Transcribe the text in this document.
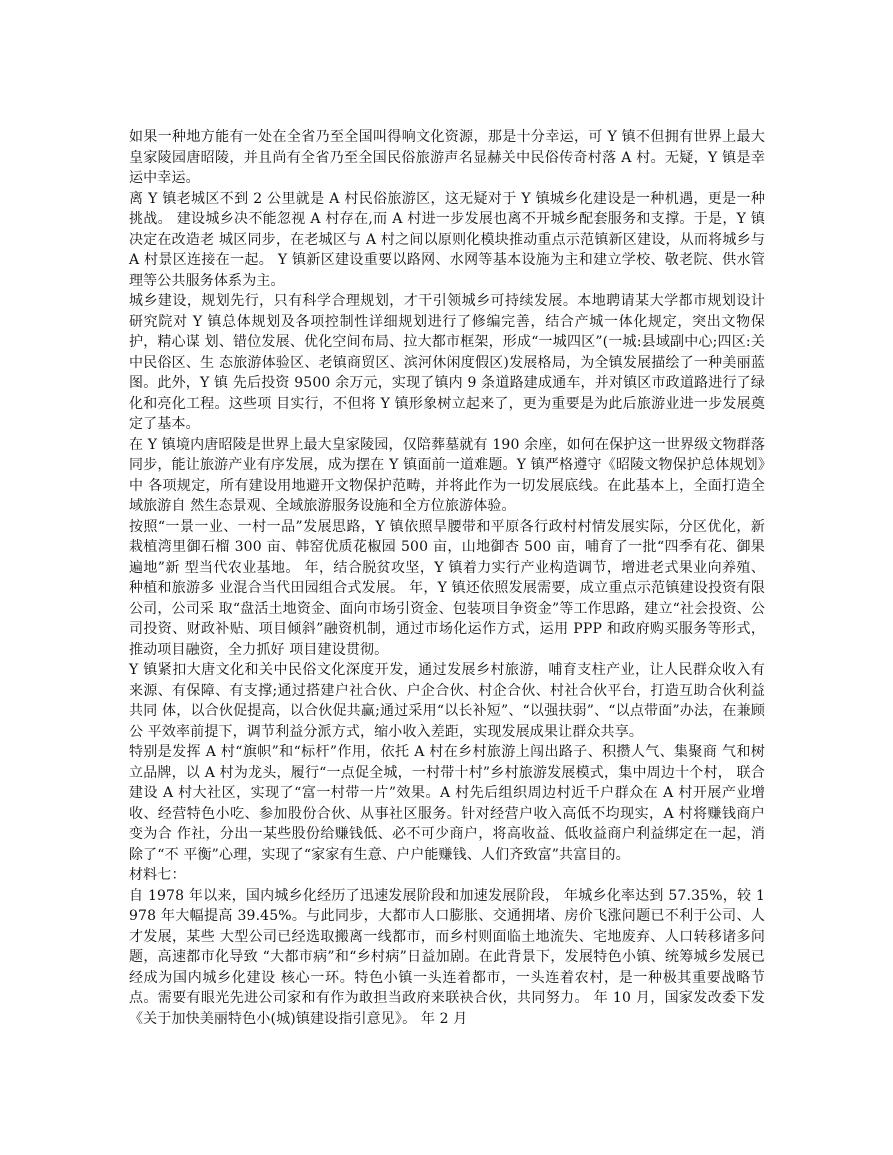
如果一种地方能有一处在全省乃至全国叫得响文化资源，那是十分幸运，可 Y 镇不但拥有世界上最大 皇家陵园唐昭陵，并且尚有全省乃至全国民俗旅游声名显赫关中民俗传奇村落 A 村。无疑，Y 镇是幸运中幸运。

离 Y 镇老城区不到 2 公里就是 A 村民俗旅游区，这无疑对于 Y 镇城乡化建设是一种机遇，更是一种挑战。 建设城乡决不能忽视 A 村存在,而 A 村进一步发展也离不开城乡配套服务和支撑。于是，Y 镇决定在改造老 城区同步，在老城区与 A 村之间以原则化模块推动重点示范镇新区建设，从而将城乡与 A 村景区连接在一起。 Y 镇新区建设重要以路网、水网等基本设施为主和建立学校、敬老院、供水管理等公共服务体系为主。

城乡建设，规划先行，只有科学合理规划，才干引领城乡可持续发展。本地聘请某大学都市规划设计 研究院对 Y 镇总体规划及各项控制性详细规划进行了修编完善，结合产城一体化规定，突出文物保护，精心谋 划、错位发展、优化空间布局、拉大都市框架，形成“一城四区”(一城:县域副中心;四区:关中民俗区、生 态旅游体验区、老镇商贸区、滨河休闲度假区)发展格局，为全镇发展描绘了一种美丽蓝图。此外，Y 镇 先后投资 9500 余万元，实现了镇内 9 条道路建成通车，并对镇区市政道路进行了绿化和亮化工程。这些项 目实行，不但将 Y 镇形象树立起来了，更为重要是为此后旅游业进一步发展奠定了基本。

在 Y 镇境内唐昭陵是世界上最大皇家陵园，仅陪葬墓就有 190 余座，如何在保护这一世界级文物群落 同步，能让旅游产业有序发展，成为摆在 Y 镇面前一道难题。Y 镇严格遵守《昭陵文物保护总体规划》中 各项规定，所有建设用地避开文物保护范畴，并将此作为一切发展底线。在此基本上，全面打造全域旅游自 然生态景观、全域旅游服务设施和全方位旅游体验。

按照“一景一业、一村一品”发展思路，Y 镇依照旱腰带和平原各行政村村情发展实际，分区优化，新 栽植湾里御石榴 300 亩、韩窑优质花椒园 500 亩，山地御杏 500 亩，哺育了一批“四季有花、御果遍地”新 型当代农业基地。 年，结合脱贫攻坚，Y 镇着力实行产业构造调节，增进老式果业向养殖、种植和旅游多 业混合当代田园组合式发展。 年，Y 镇还依照发展需要，成立重点示范镇建设投资有限公司，公司采 取“盘活土地资金、面向市场引资金、包装项目争资金”等工作思路，建立“社会投资、公司投资、财政补贴、项目倾斜”融资机制，通过市场化运作方式，运用 PPP 和政府购买服务等形式，推动项目融资，全力抓好 项目建设贯彻。

Y 镇紧扣大唐文化和关中民俗文化深度开发，通过发展乡村旅游，哺育支柱产业，让人民群众收入有 来源、有保障、有支撑;通过搭建户社合伙、户企合伙、村企合伙、村社合伙平台，打造互助合伙利益共同 体，以合伙促提高，以合伙促共赢;通过采用“以长补短”、“以强扶弱”、“以点带面”办法，在兼顾公 平效率前提下，调节利益分派方式，缩小收入差距，实现发展成果让群众共享。

特别是发挥 A 村“旗帜”和“标杆”作用，依托 A 村在乡村旅游上闯出路子、积攒人气、集聚商 气和树立品牌，以 A 村为龙头，履行“一点促全城，一村带十村”乡村旅游发展模式，集中周边十个村， 联合建设 A 村大社区，实现了“富一村带一片”效果。A 村先后组织周边村近千户群众在 A 村开展产业增收、经营特色小吃、参加股份合伙、从事社区服务。针对经营户收入高低不均现实，A 村将赚钱商户变为合 作社，分出一某些股份给赚钱低、必不可少商户，将高收益、低收益商户利益绑定在一起，消除了“不 平衡”心理，实现了“家家有生意、户户能赚钱、人们齐致富”共富目的。

材料七：

自 1978 年以来，国内城乡化经历了迅速发展阶段和加速发展阶段， 年城乡化率达到 57.35%，较 1978 年大幅提高 39.45%。与此同步，大都市人口膨胀、交通拥堵、房价飞涨问题已不利于公司、人才发展，某些 大型公司已经选取搬离一线都市，而乡村则面临土地流失、宅地废弃、人口转移诸多问题，高速都市化导致 “大都市病”和“乡村病”日益加剧。在此背景下，发展特色小镇、统筹城乡发展已经成为国内城乡化建设 核心一环。特色小镇一头连着都市，一头连着农村，是一种极其重要战略节点。需要有眼光先进公司家和有作为敢担当政府来联袂合伙，共同努力。 年 10 月，国家发改委下发《关于加快美丽特色小(城)镇建设指引意见》。 年 2 月
